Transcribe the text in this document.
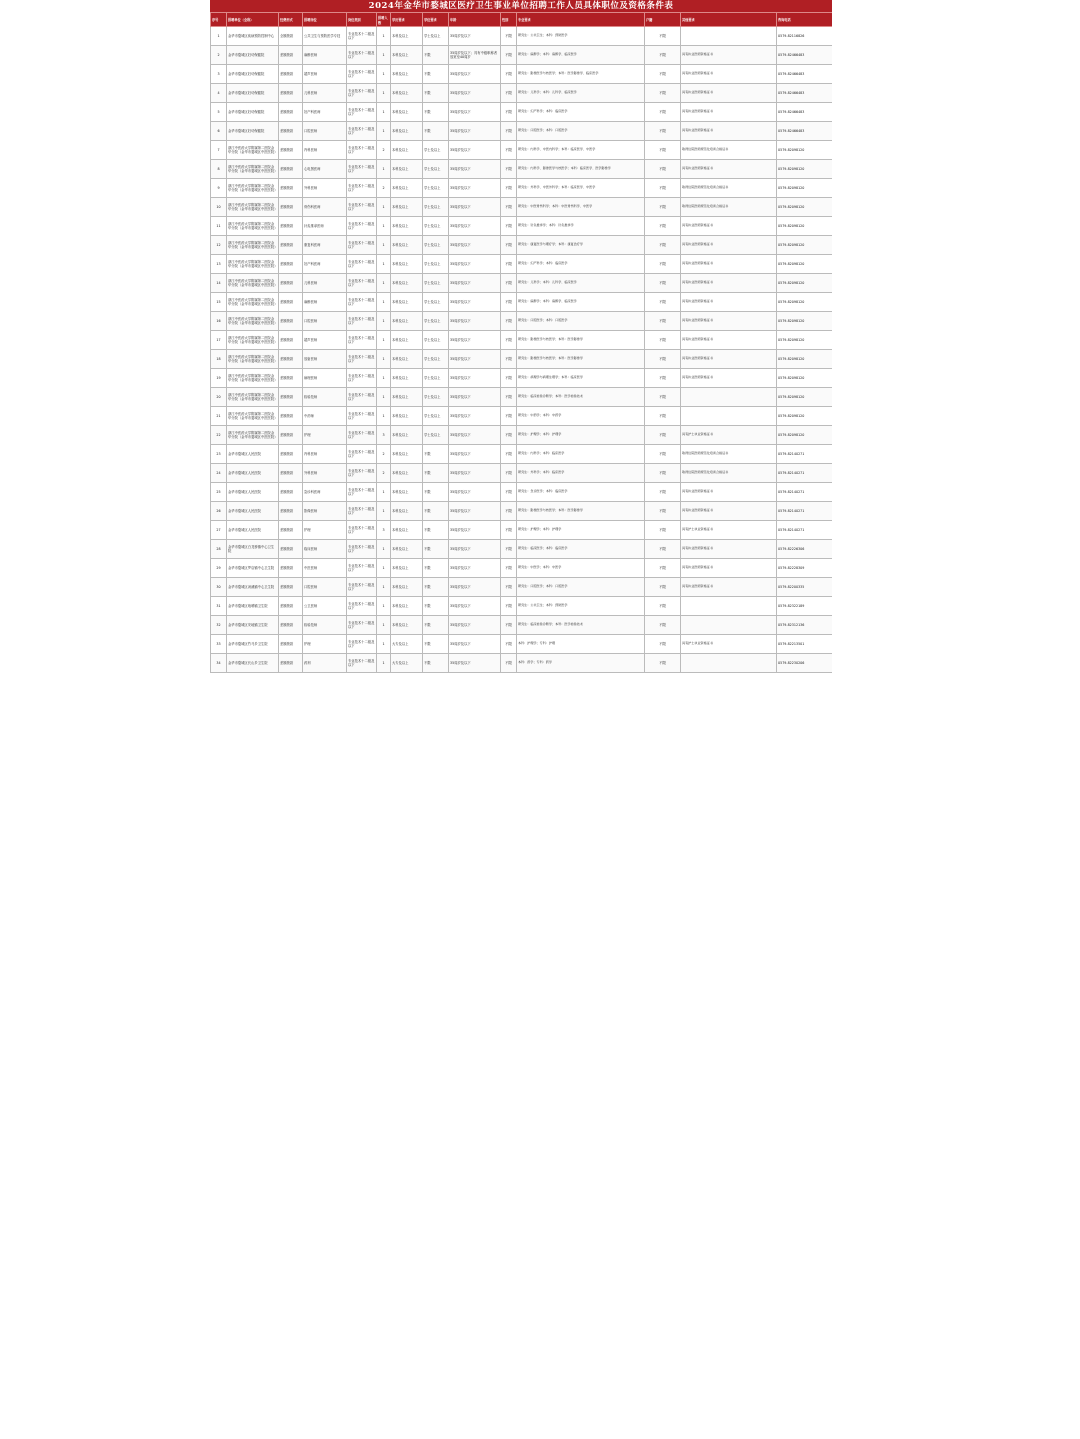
2024年金华市婺城区医疗卫生事业单位招聘工作人员具体职位及资格条件表
序号	招聘单位（全称）	经费形式	招聘岗位	岗位类别	招聘人数	学历要求	学位要求	年龄	性别	专业要求	户籍	其他要求	咨询电话
1	金华市婺城区疾病预防控制中心	全额拨款	公共卫生与预防医学专技	专业技术十二级及以下	1	本科及以上	学士及以上	35周岁及以下	不限	研究生：公共卫生；本科：预防医学	不限		0579-82116826
2	金华市婺城区妇幼保健院	差额拨款	麻醉医师	专业技术十二级及以下	1	本科及以上	不限	35周岁及以下；具有中级职称者放宽至40周岁	不限	研究生：麻醉学；本科：麻醉学、临床医学	不限	具有执业医师资格证书	0579-82466483
3	金华市婺城区妇幼保健院	差额拨款	超声医师	专业技术十二级及以下	1	本科及以上	不限	35周岁及以下	不限	研究生：影像医学与核医学；本科：医学影像学、临床医学	不限	具有执业医师资格证书	0579-82466483
4	金华市婺城区妇幼保健院	差额拨款	儿科医师	专业技术十二级及以下	1	本科及以上	不限	35周岁及以下	不限	研究生：儿科学；本科：儿科学、临床医学	不限	具有执业医师资格证书	0579-82466483
5	金华市婺城区妇幼保健院	差额拨款	妇产科医师	专业技术十二级及以下	1	本科及以上	不限	35周岁及以下	不限	研究生：妇产科学；本科：临床医学	不限	具有执业医师资格证书	0579-82466483
6	金华市婺城区妇幼保健院	差额拨款	口腔医师	专业技术十二级及以下	1	本科及以上	不限	35周岁及以下	不限	研究生：口腔医学；本科：口腔医学	不限	具有执业医师资格证书	0579-82466483
7	浙江中医药大学附属第二医院金华分院（金华市婺城区中医医院）	差额拨款	内科医师	专业技术十二级及以下	2	本科及以上	学士及以上	35周岁及以下	不限	研究生：内科学、中医内科学；本科：临床医学、中医学	不限	取得住院医师规范化培训合格证书	0579-82098120
8	浙江中医药大学附属第二医院金华分院（金华市婺城区中医医院）	差额拨款	心电图医师	专业技术十二级及以下	1	本科及以上	学士及以上	35周岁及以下	不限	研究生：内科学、影像医学与核医学；本科：临床医学、医学影像学	不限	具有执业医师资格证书	0579-82098120
9	浙江中医药大学附属第二医院金华分院（金华市婺城区中医医院）	差额拨款	外科医师	专业技术十二级及以下	2	本科及以上	学士及以上	35周岁及以下	不限	研究生：外科学、中医外科学；本科：临床医学、中医学	不限	取得住院医师规范化培训合格证书	0579-82098120
10	浙江中医药大学附属第二医院金华分院（金华市婺城区中医医院）	差额拨款	骨伤科医师	专业技术十二级及以下	1	本科及以上	学士及以上	35周岁及以下	不限	研究生：中医骨伤科学；本科：中医骨伤科学、中医学	不限	取得住院医师规范化培训合格证书	0579-82098120
11	浙江中医药大学附属第二医院金华分院（金华市婺城区中医医院）	差额拨款	针灸推拿医师	专业技术十二级及以下	1	本科及以上	学士及以上	35周岁及以下	不限	研究生：针灸推拿学；本科：针灸推拿学	不限	具有执业医师资格证书	0579-82098120
12	浙江中医药大学附属第二医院金华分院（金华市婺城区中医医院）	差额拨款	康复科医师	专业技术十二级及以下	1	本科及以上	学士及以上	35周岁及以下	不限	研究生：康复医学与理疗学；本科：康复治疗学	不限	具有执业医师资格证书	0579-82098120
13	浙江中医药大学附属第二医院金华分院（金华市婺城区中医医院）	差额拨款	妇产科医师	专业技术十二级及以下	1	本科及以上	学士及以上	35周岁及以下	不限	研究生：妇产科学；本科：临床医学	不限	具有执业医师资格证书	0579-82098120
14	浙江中医药大学附属第二医院金华分院（金华市婺城区中医医院）	差额拨款	儿科医师	专业技术十二级及以下	1	本科及以上	学士及以上	35周岁及以下	不限	研究生：儿科学；本科：儿科学、临床医学	不限	具有执业医师资格证书	0579-82098120
15	浙江中医药大学附属第二医院金华分院（金华市婺城区中医医院）	差额拨款	麻醉医师	专业技术十二级及以下	1	本科及以上	学士及以上	35周岁及以下	不限	研究生：麻醉学；本科：麻醉学、临床医学	不限	具有执业医师资格证书	0579-82098120
16	浙江中医药大学附属第二医院金华分院（金华市婺城区中医医院）	差额拨款	口腔医师	专业技术十二级及以下	1	本科及以上	学士及以上	35周岁及以下	不限	研究生：口腔医学；本科：口腔医学	不限	具有执业医师资格证书	0579-82098120
17	浙江中医药大学附属第二医院金华分院（金华市婺城区中医医院）	差额拨款	超声医师	专业技术十二级及以下	1	本科及以上	学士及以上	35周岁及以下	不限	研究生：影像医学与核医学；本科：医学影像学	不限	具有执业医师资格证书	0579-82098120
18	浙江中医药大学附属第二医院金华分院（金华市婺城区中医医院）	差额拨款	放射医师	专业技术十二级及以下	1	本科及以上	学士及以上	35周岁及以下	不限	研究生：影像医学与核医学；本科：医学影像学	不限	具有执业医师资格证书	0579-82098120
19	浙江中医药大学附属第二医院金华分院（金华市婺城区中医医院）	差额拨款	病理医师	专业技术十二级及以下	1	本科及以上	学士及以上	35周岁及以下	不限	研究生：病理学与病理生理学；本科：临床医学	不限	具有执业医师资格证书	0579-82098120
20	浙江中医药大学附属第二医院金华分院（金华市婺城区中医医院）	差额拨款	检验技师	专业技术十二级及以下	1	本科及以上	学士及以上	35周岁及以下	不限	研究生：临床检验诊断学；本科：医学检验技术	不限		0579-82098120
21	浙江中医药大学附属第二医院金华分院（金华市婺城区中医医院）	差额拨款	中药师	专业技术十二级及以下	1	本科及以上	学士及以上	35周岁及以下	不限	研究生：中药学；本科：中药学	不限		0579-82098120
22	浙江中医药大学附属第二医院金华分院（金华市婺城区中医医院）	差额拨款	护理	专业技术十二级及以下	3	本科及以上	学士及以上	35周岁及以下	不限	研究生：护理学；本科：护理学	不限	具有护士执业资格证书	0579-82098120
23	金华市婺城区人民医院	差额拨款	内科医师	专业技术十二级及以下	2	本科及以上	不限	35周岁及以下	不限	研究生：内科学；本科：临床医学	不限	取得住院医师规范化培训合格证书	0579-82140271
24	金华市婺城区人民医院	差额拨款	外科医师	专业技术十二级及以下	2	本科及以上	不限	35周岁及以下	不限	研究生：外科学；本科：临床医学	不限	取得住院医师规范化培训合格证书	0579-82140271
25	金华市婺城区人民医院	差额拨款	急诊科医师	专业技术十二级及以下	1	本科及以上	不限	35周岁及以下	不限	研究生：急诊医学；本科：临床医学	不限	具有执业医师资格证书	0579-82140271
26	金华市婺城区人民医院	差额拨款	影像医师	专业技术十二级及以下	1	本科及以上	不限	35周岁及以下	不限	研究生：影像医学与核医学；本科：医学影像学	不限	具有执业医师资格证书	0579-82140271
27	金华市婺城区人民医院	差额拨款	护理	专业技术十二级及以下	3	本科及以上	不限	35周岁及以下	不限	研究生：护理学；本科：护理学	不限	具有护士执业资格证书	0579-82140271
28	金华市婺城区白龙桥镇中心卫生院	差额拨款	临床医师	专业技术十二级及以下	1	本科及以上	不限	35周岁及以下	不限	研究生：临床医学；本科：临床医学	不限	具有执业医师资格证书	0579-82226306
29	金华市婺城区罗店镇中心卫生院	差额拨款	中医医师	专业技术十二级及以下	1	本科及以上	不限	35周岁及以下	不限	研究生：中医学；本科：中医学	不限	具有执业医师资格证书	0579-82228309
30	金华市婺城区汤溪镇中心卫生院	差额拨款	口腔医师	专业技术十二级及以下	1	本科及以上	不限	35周岁及以下	不限	研究生：口腔医学；本科：口腔医学	不限	具有执业医师资格证书	0579-82200335
31	金华市婺城区琅琊镇卫生院	差额拨款	公卫医师	专业技术十二级及以下	1	本科及以上	不限	35周岁及以下	不限	研究生：公共卫生；本科：预防医学	不限		0579-82322189
32	金华市婺城区安地镇卫生院	差额拨款	检验技师	专业技术十二级及以下	1	本科及以上	不限	35周岁及以下	不限	研究生：临床检验诊断学；本科：医学检验技术	不限		0579-82312136
33	金华市婺城区竹马乡卫生院	差额拨款	护理	专业技术十二级及以下	1	大专及以上	不限	35周岁及以下	不限	本科：护理学；专科：护理	不限	具有护士执业资格证书	0579-82213501
34	金华市婺城区长山乡卫生院	差额拨款	药剂	专业技术十二级及以下	1	大专及以上	不限	35周岁及以下	不限	本科：药学；专科：药学	不限		0579-82230206
